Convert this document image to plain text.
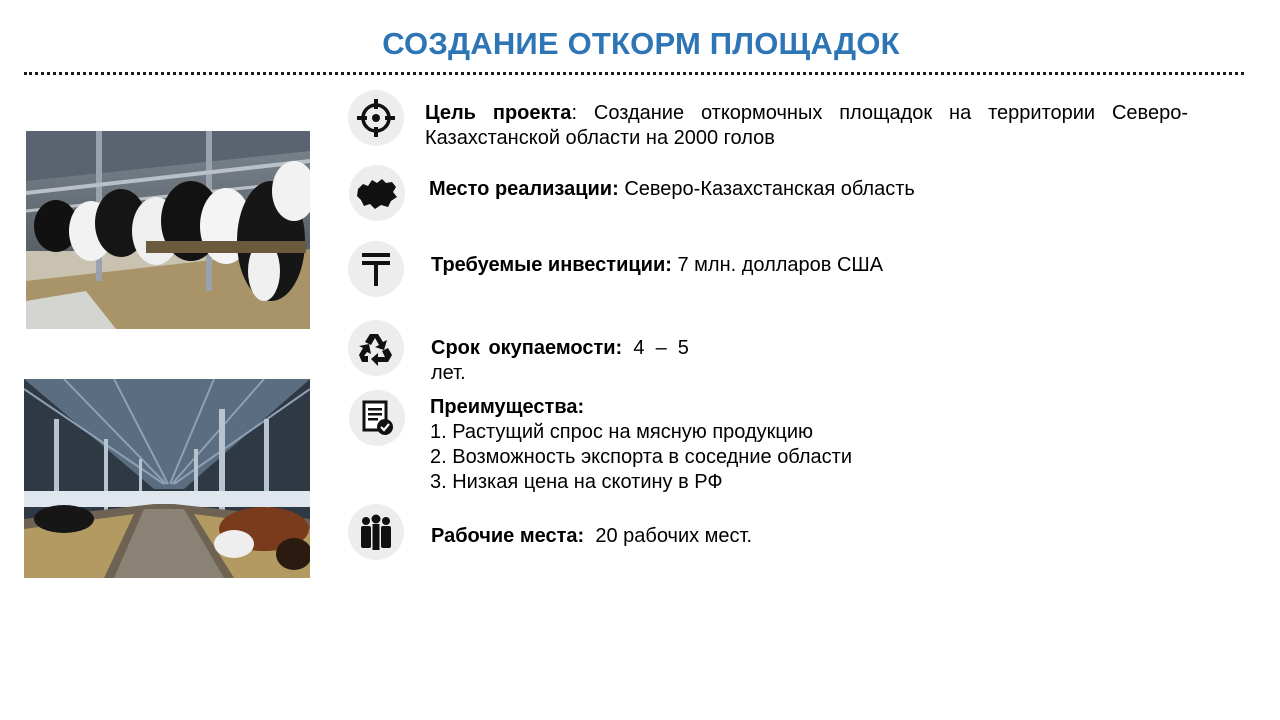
СОЗДАНИЕ ОТКОРМ ПЛОЩАДОК
Цель проекта: Создание откормочных площадок на территории Северо-Казахстанской области на 2000 голов
Место реализации: Северо-Казахстанская область
Требуемые инвестиции: 7 млн. долларов США
Срок окупаемости:  4  –  5
лет.
Преимущества:
1. Растущий спрос на мясную продукцию
2. Возможность экспорта в соседние области
3. Низкая цена на скотину в РФ
Рабочие места:  20 рабочих мест.
